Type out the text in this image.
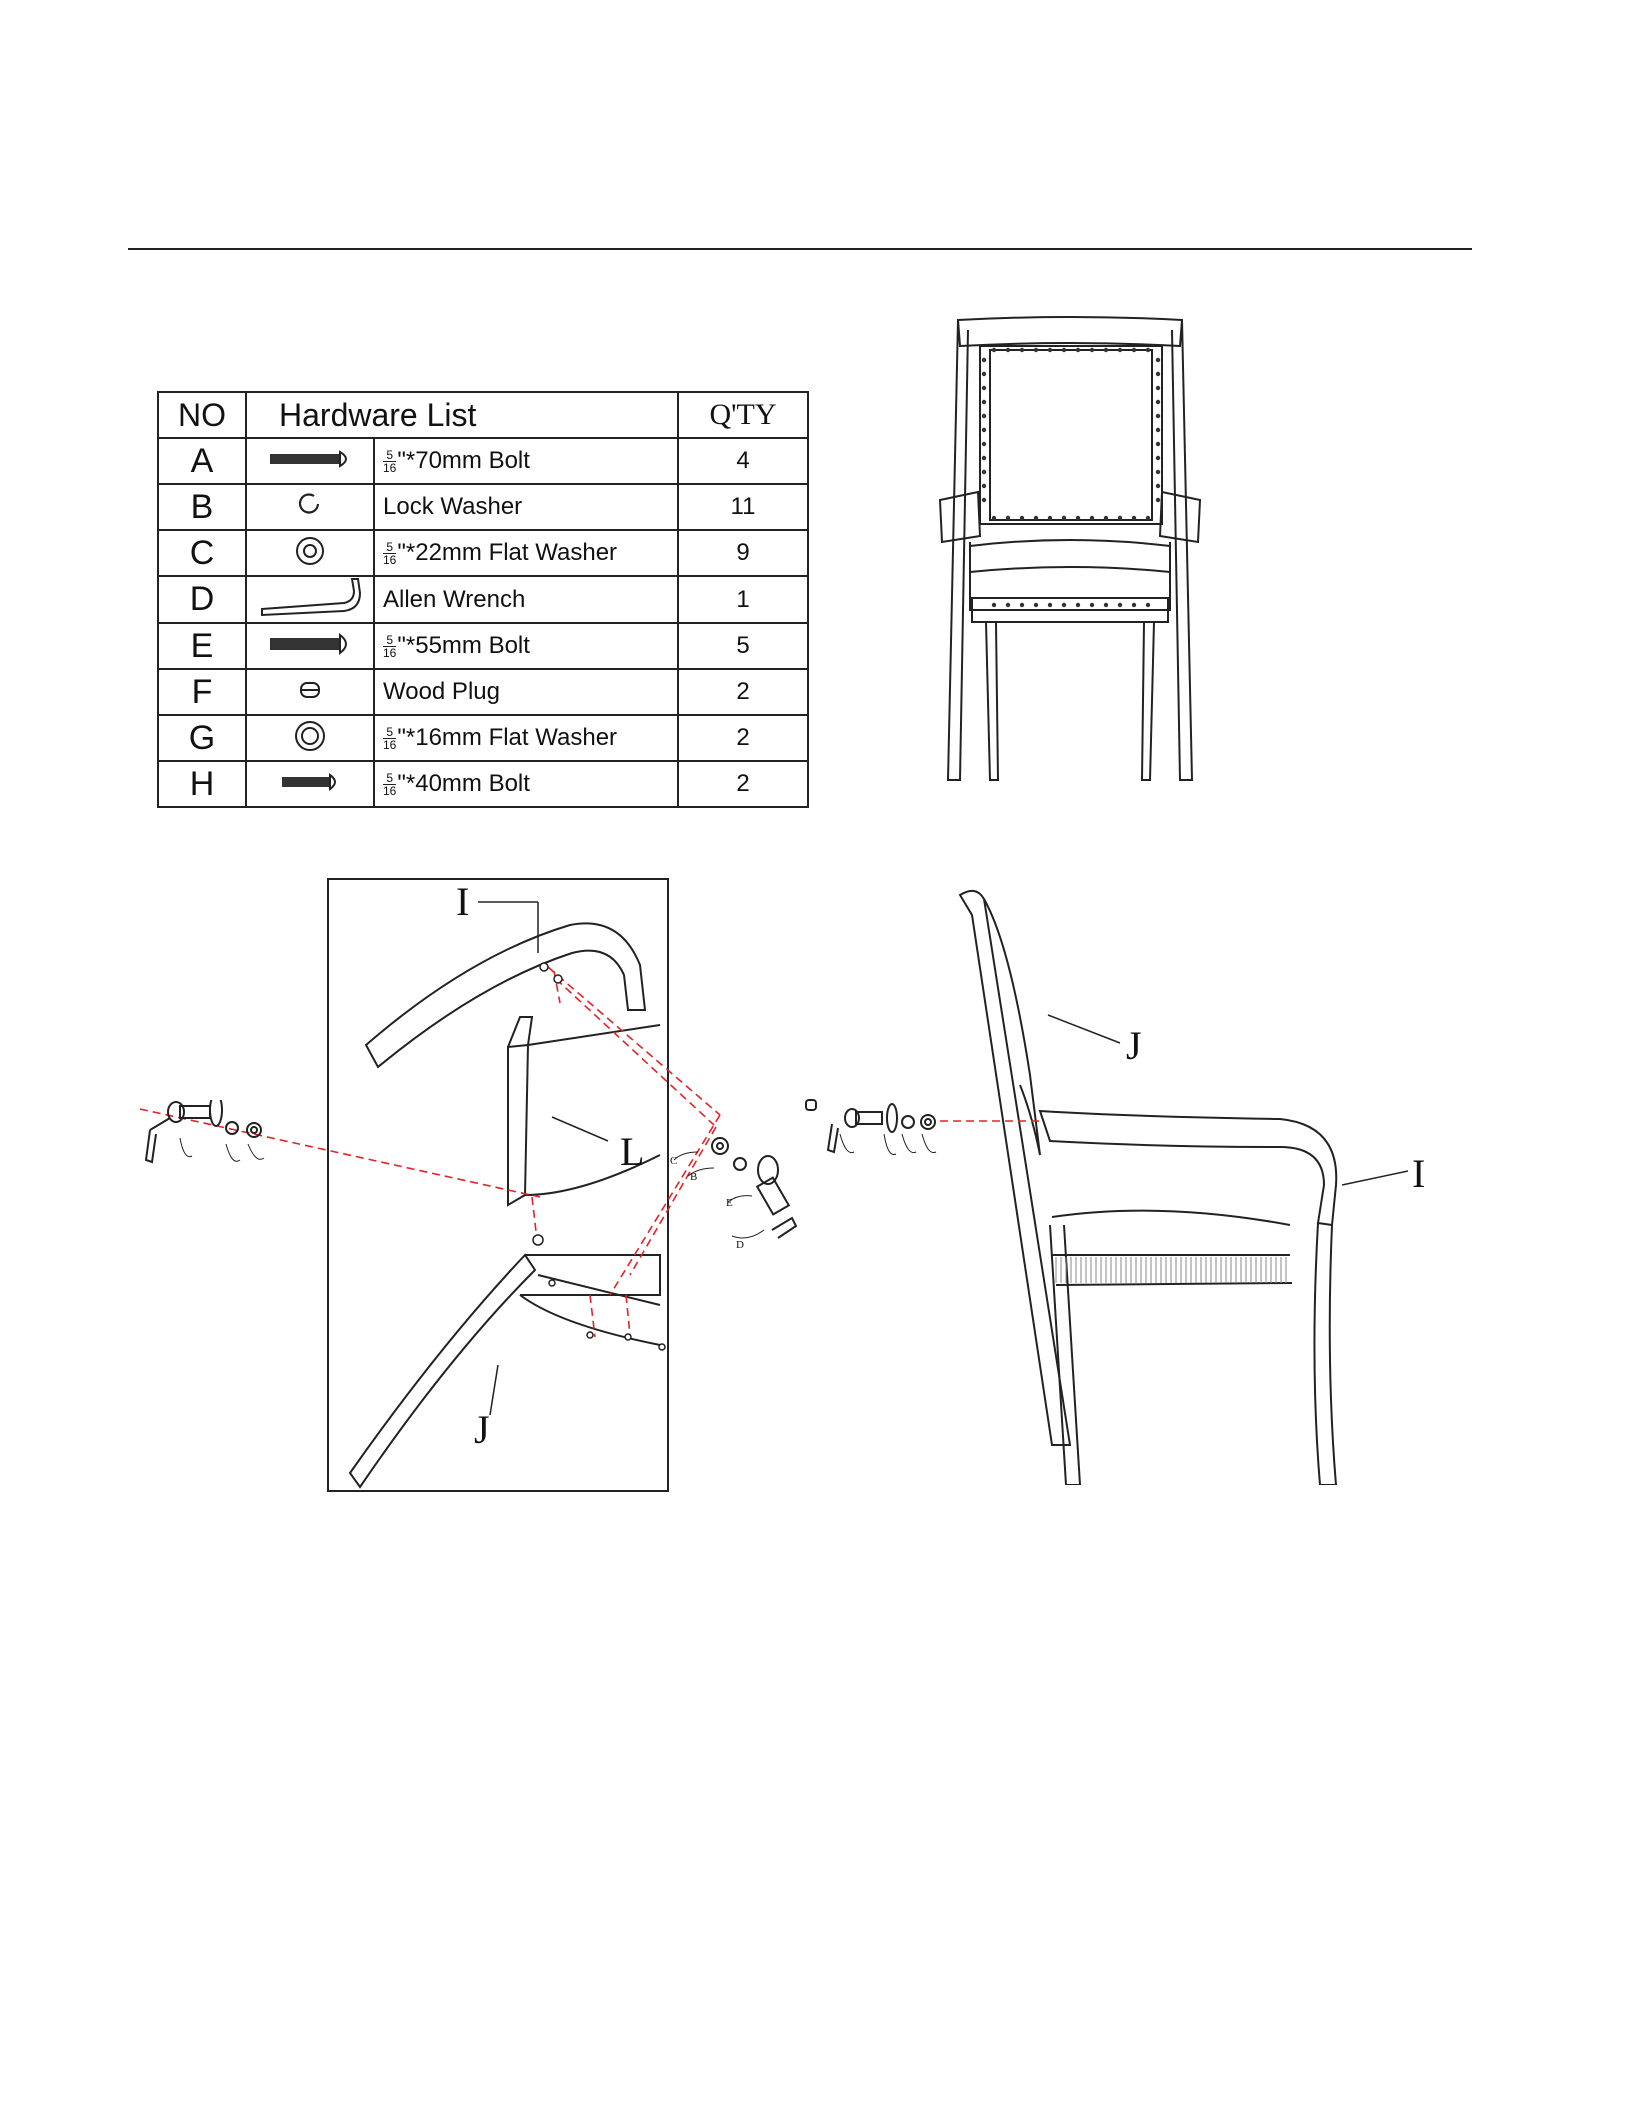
NO	Hardware List		Q'TY
A		$\frac{5}{16}$ "*70mm Bolt	4
B		Lock Washer	11
C		$\frac{5}{16}$ "*22mm Flat Washer	9
D		Allen Wrench	1
E		$\frac{5}{16}$ "*55mm Bolt	5
F		Wood Plug	2
G		$\frac{5}{16}$ "*16mm Flat Washer	2
H		$\frac{5}{16}$ "*40mm Bolt	2
I
L
J
C
B
E
D
J
I
